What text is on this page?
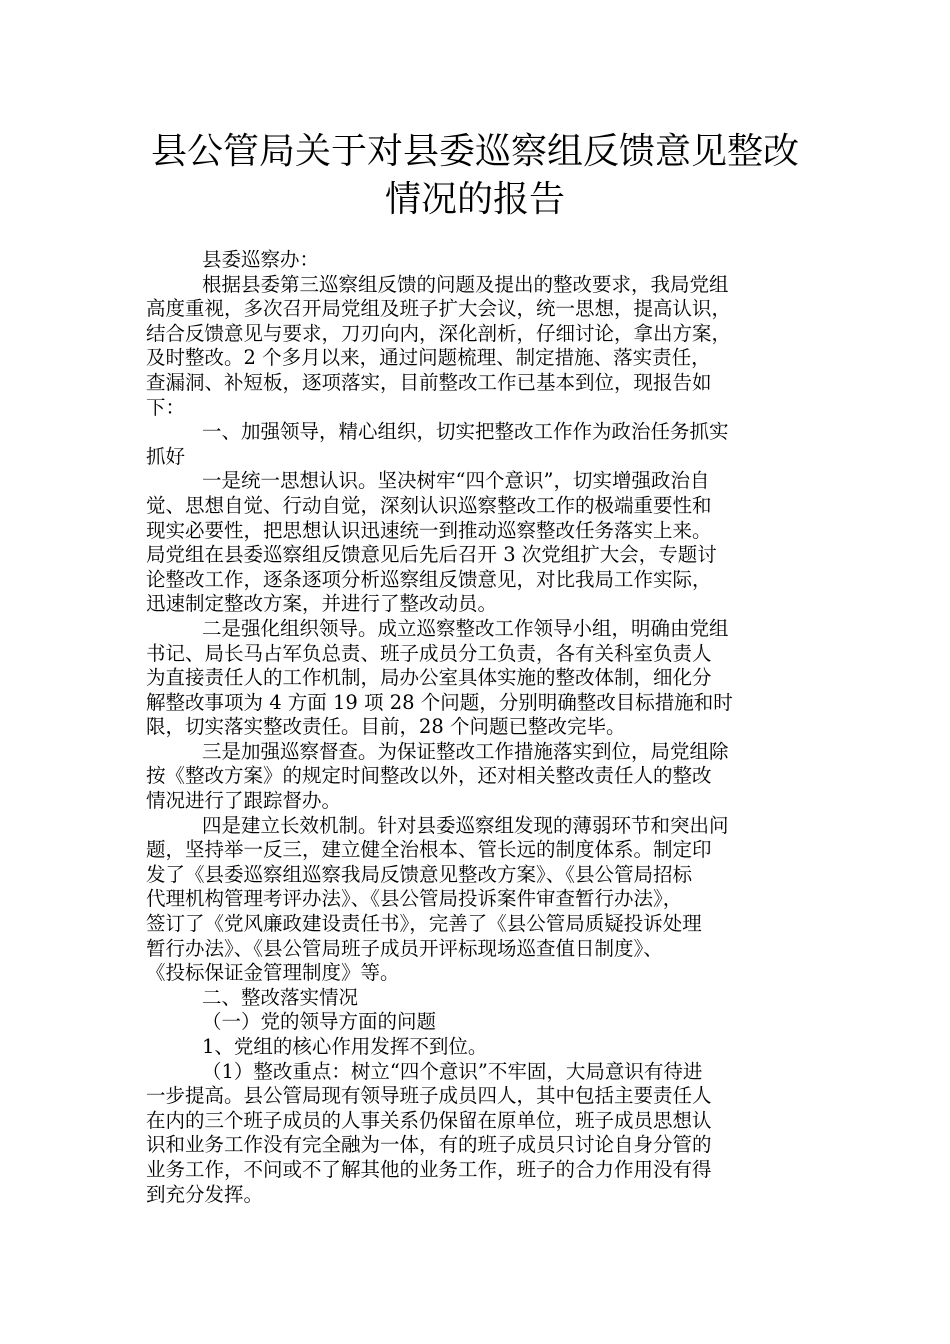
县公管局关于对县委巡察组反馈意见整改
情况的报告
县委巡察办：
根据县委第三巡察组反馈的问题及提出的整改要求，我局党组
高度重视，多次召开局党组及班子扩大会议，统一思想，提高认识，
结合反馈意见与要求，刀刃向内，深化剖析，仔细讨论，拿出方案，
及时整改。2 个多月以来，通过问题梳理、制定措施、落实责任，
查漏洞、补短板，逐项落实，目前整改工作已基本到位，现报告如
下：
一、加强领导，精心组织，切实把整改工作作为政治任务抓实
抓好
一是统一思想认识。坚决树牢“四个意识”，切实增强政治自
觉、思想自觉、行动自觉，深刻认识巡察整改工作的极端重要性和
现实必要性，把思想认识迅速统一到推动巡察整改任务落实上来。
局党组在县委巡察组反馈意见后先后召开 3 次党组扩大会，专题讨
论整改工作，逐条逐项分析巡察组反馈意见，对比我局工作实际，
迅速制定整改方案，并进行了整改动员。
二是强化组织领导。成立巡察整改工作领导小组，明确由党组
书记、局长马占军负总责、班子成员分工负责，各有关科室负责人
为直接责任人的工作机制，局办公室具体实施的整改体制，细化分
解整改事项为 4 方面 19 项 28 个问题，分别明确整改目标措施和时
限，切实落实整改责任。目前，28 个问题已整改完毕。
三是加强巡察督查。为保证整改工作措施落实到位，局党组除
按《整改方案》的规定时间整改以外，还对相关整改责任人的整改
情况进行了跟踪督办。
四是建立长效机制。针对县委巡察组发现的薄弱环节和突出问
题，坚持举一反三，建立健全治根本、管长远的制度体系。制定印
发了《县委巡察组巡察我局反馈意见整改方案》、《县公管局招标
代理机构管理考评办法》、《县公管局投诉案件审查暂行办法》，
签订了《党风廉政建设责任书》，完善了《县公管局质疑投诉处理
暂行办法》、《县公管局班子成员开评标现场巡查值日制度》、
《投标保证金管理制度》等。
二、整改落实情况
（一）党的领导方面的问题
1、党组的核心作用发挥不到位。
（1）整改重点：树立“四个意识”不牢固，大局意识有待进
一步提高。县公管局现有领导班子成员四人，其中包括主要责任人
在内的三个班子成员的人事关系仍保留在原单位，班子成员思想认
识和业务工作没有完全融为一体，有的班子成员只讨论自身分管的
业务工作，不问或不了解其他的业务工作，班子的合力作用没有得
到充分发挥。
